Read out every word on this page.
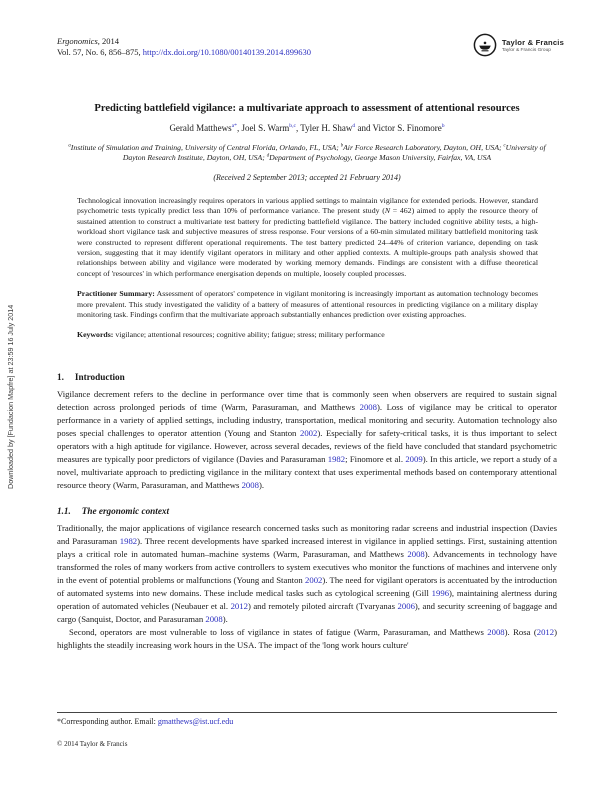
Downloaded by [Fundacion Mapfre] at 23:59 16 July 2014
Taylor & Francis
Taylor & Francis Group
Ergonomics, 2014
Vol. 57, No. 6, 856–875, http://dx.doi.org/10.1080/00140139.2014.899630
Predicting battlefield vigilance: a multivariate approach to assessment of attentional resources
Gerald Matthews$^{a*}$, Joel S. Warm$^{b,c}$, Tyler H. Shaw$^d$ and Victor S. Finomore$^b$
$^a$Institute of Simulation and Training, University of Central Florida, Orlando, FL, USA; $^b$Air Force Research Laboratory, Dayton, OH, USA; $^c$University of Dayton Research Institute, Dayton, OH, USA; $^d$Department of Psychology, George Mason University, Fairfax, VA, USA
(Received 2 September 2013; accepted 21 February 2014)

Technological innovation increasingly requires operators in various applied settings to maintain vigilance for extended periods. However, standard psychometric tests typically predict less than 10% of performance variance. The present study (N = 462) aimed to apply the resource theory of sustained attention to construct a multivariate test battery for predicting battlefield vigilance. The battery included cognitive ability tests, a high-workload short vigilance task and subjective measures of stress response. Four versions of a 60-min simulated military battlefield monitoring task were constructed to represent different operational requirements. The test battery predicted 24–44% of criterion variance, depending on task version, suggesting that it may identify vigilant operators in military and other applied contexts. A multiple-groups path analysis showed that relationships between ability and vigilance were moderated by working memory demands. Findings are consistent with a diffuse theoretical concept of 'resources' in which performance energisation depends on multiple, loosely coupled processes.

Practitioner Summary: Assessment of operators' competence in vigilant monitoring is increasingly important as automation technology becomes more prevalent. This study investigated the validity of a battery of measures of attentional resources in predicting vigilance on a military display monitoring task. Findings confirm that the multivariate approach substantially enhances prediction over existing approaches.

Keywords: vigilance; attentional resources; cognitive ability; fatigue; stress; military performance

1. Introduction

Vigilance decrement refers to the decline in performance over time that is commonly seen when observers are required to sustain signal detection across prolonged periods of time (Warm, Parasuraman, and Matthews 2008). Loss of vigilance may be critical to operator performance in a variety of applied settings, including industry, transportation, medical monitoring and security. Automation technology also poses special challenges to operator attention (Young and Stanton 2002). Especially for safety-critical tasks, it is thus important to select operators with a high aptitude for vigilance. However, across several decades, reviews of the field have concluded that standard psychometric measures are typically poor predictors of vigilance (Davies and Parasuraman 1982; Finomore et al. 2009). In this article, we report a study of a novel, multivariate approach to predicting vigilance in the military context that uses experimental methods based on contemporary attentional resource theory (Warm, Parasuraman, and Matthews 2008).

1.1. The ergonomic context

Traditionally, the major applications of vigilance research concerned tasks such as monitoring radar screens and industrial inspection (Davies and Parasuraman 1982). Three recent developments have sparked increased interest in vigilance in applied settings. First, sustaining attention plays a critical role in automated human–machine systems (Warm, Parasuraman, and Matthews 2008). Advancements in technology have transformed the roles of many workers from active controllers to system executives who monitor the functions of machines and intervene only in the event of potential problems or malfunctions (Young and Stanton 2002). The need for vigilant operators is accentuated by the introduction of automated systems into new domains. These include medical tasks such as cytological screening (Gill 1996), maintaining alertness during operation of automated vehicles (Neubauer et al. 2012) and remotely piloted aircraft (Tvaryanas 2006), and security screening of baggage and cargo (Sanquist, Doctor, and Parasuraman 2008).

Second, operators are most vulnerable to loss of vigilance in states of fatigue (Warm, Parasuraman, and Matthews 2008). Rosa (2012) highlights the steadily increasing work hours in the USA. The impact of the 'long work hours culture'

*Corresponding author. Email: gmatthews@ist.ucf.edu
© 2014 Taylor & Francis
